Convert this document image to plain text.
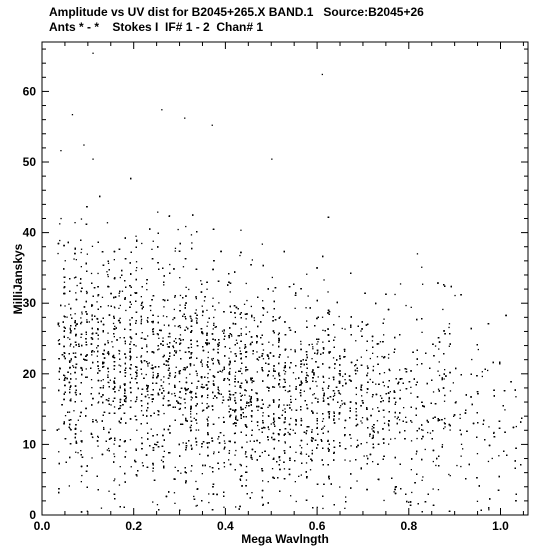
Amplitude vs UV dist for B2045+265.X BAND.1   Source:B2045+26
Ants * - *    Stokes I  IF# 1 - 2  Chan# 1
0.0	0.2	0.4	0.6	0.8	1.0
0
10
20
30
40
50
60
Mega Wavlngth
MilliJanskys
